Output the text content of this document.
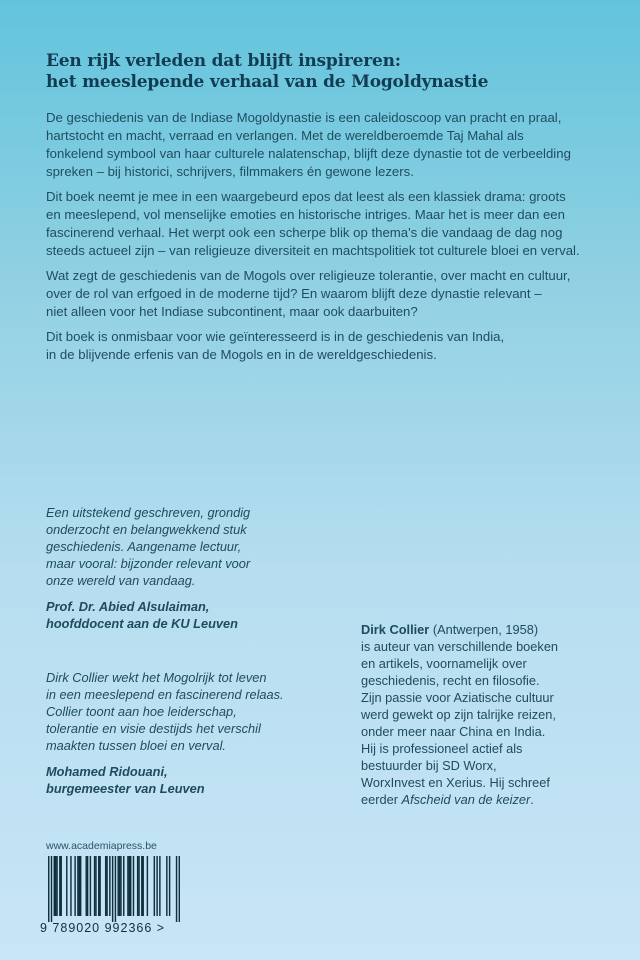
Een rijk verleden dat blijft inspireren:
het meeslepende verhaal van de Mogoldynastie

De geschiedenis van de Indiase Mogoldynastie is een caleidoscoop van pracht en praal,
hartstocht en macht, verraad en verlangen. Met de wereldberoemde Taj Mahal als
fonkelend symbool van haar culturele nalatenschap, blijft deze dynastie tot de verbeelding
spreken – bij historici, schrijvers, filmmakers én gewone lezers.

Dit boek neemt je mee in een waargebeurd epos dat leest als een klassiek drama: groots
en meeslepend, vol menselijke emoties en historische intriges. Maar het is meer dan een
fascinerend verhaal. Het werpt ook een scherpe blik op thema's die vandaag de dag nog
steeds actueel zijn – van religieuze diversiteit en machtspolitiek tot culturele bloei en verval.

Wat zegt de geschiedenis van de Mogols over religieuze tolerantie, over macht en cultuur,
over de rol van erfgoed in de moderne tijd? En waarom blijft deze dynastie relevant –
niet alleen voor het Indiase subcontinent, maar ook daarbuiten?

Dit boek is onmisbaar voor wie geïnteresseerd is in de geschiedenis van India,
in de blijvende erfenis van de Mogols en in de wereldgeschiedenis.

Een uitstekend geschreven, grondig
onderzocht en belangwekkend stuk
geschiedenis. Aangename lectuur,
maar vooral: bijzonder relevant voor
onze wereld van vandaag.

Prof. Dr. Abied Alsulaiman,
hoofddocent aan de KU Leuven

Dirk Collier wekt het Mogolrijk tot leven
in een meeslepend en fascinerend relaas.
Collier toont aan hoe leiderschap,
tolerantie en visie destijds het verschil
maakten tussen bloei en verval.

Mohamed Ridouani,
burgemeester van Leuven

Dirk Collier (Antwerpen, 1958)
is auteur van verschillende boeken
en artikels, voornamelijk over
geschiedenis, recht en filosofie.
Zijn passie voor Aziatische cultuur
werd gewekt op zijn talrijke reizen,
onder meer naar China en India.
Hij is professioneel actief als
bestuurder bij SD Worx,
WorxInvest en Xerius. Hij schreef
eerder Afscheid van de keizer.

www.academiapress.be
9 789020 992366 >
